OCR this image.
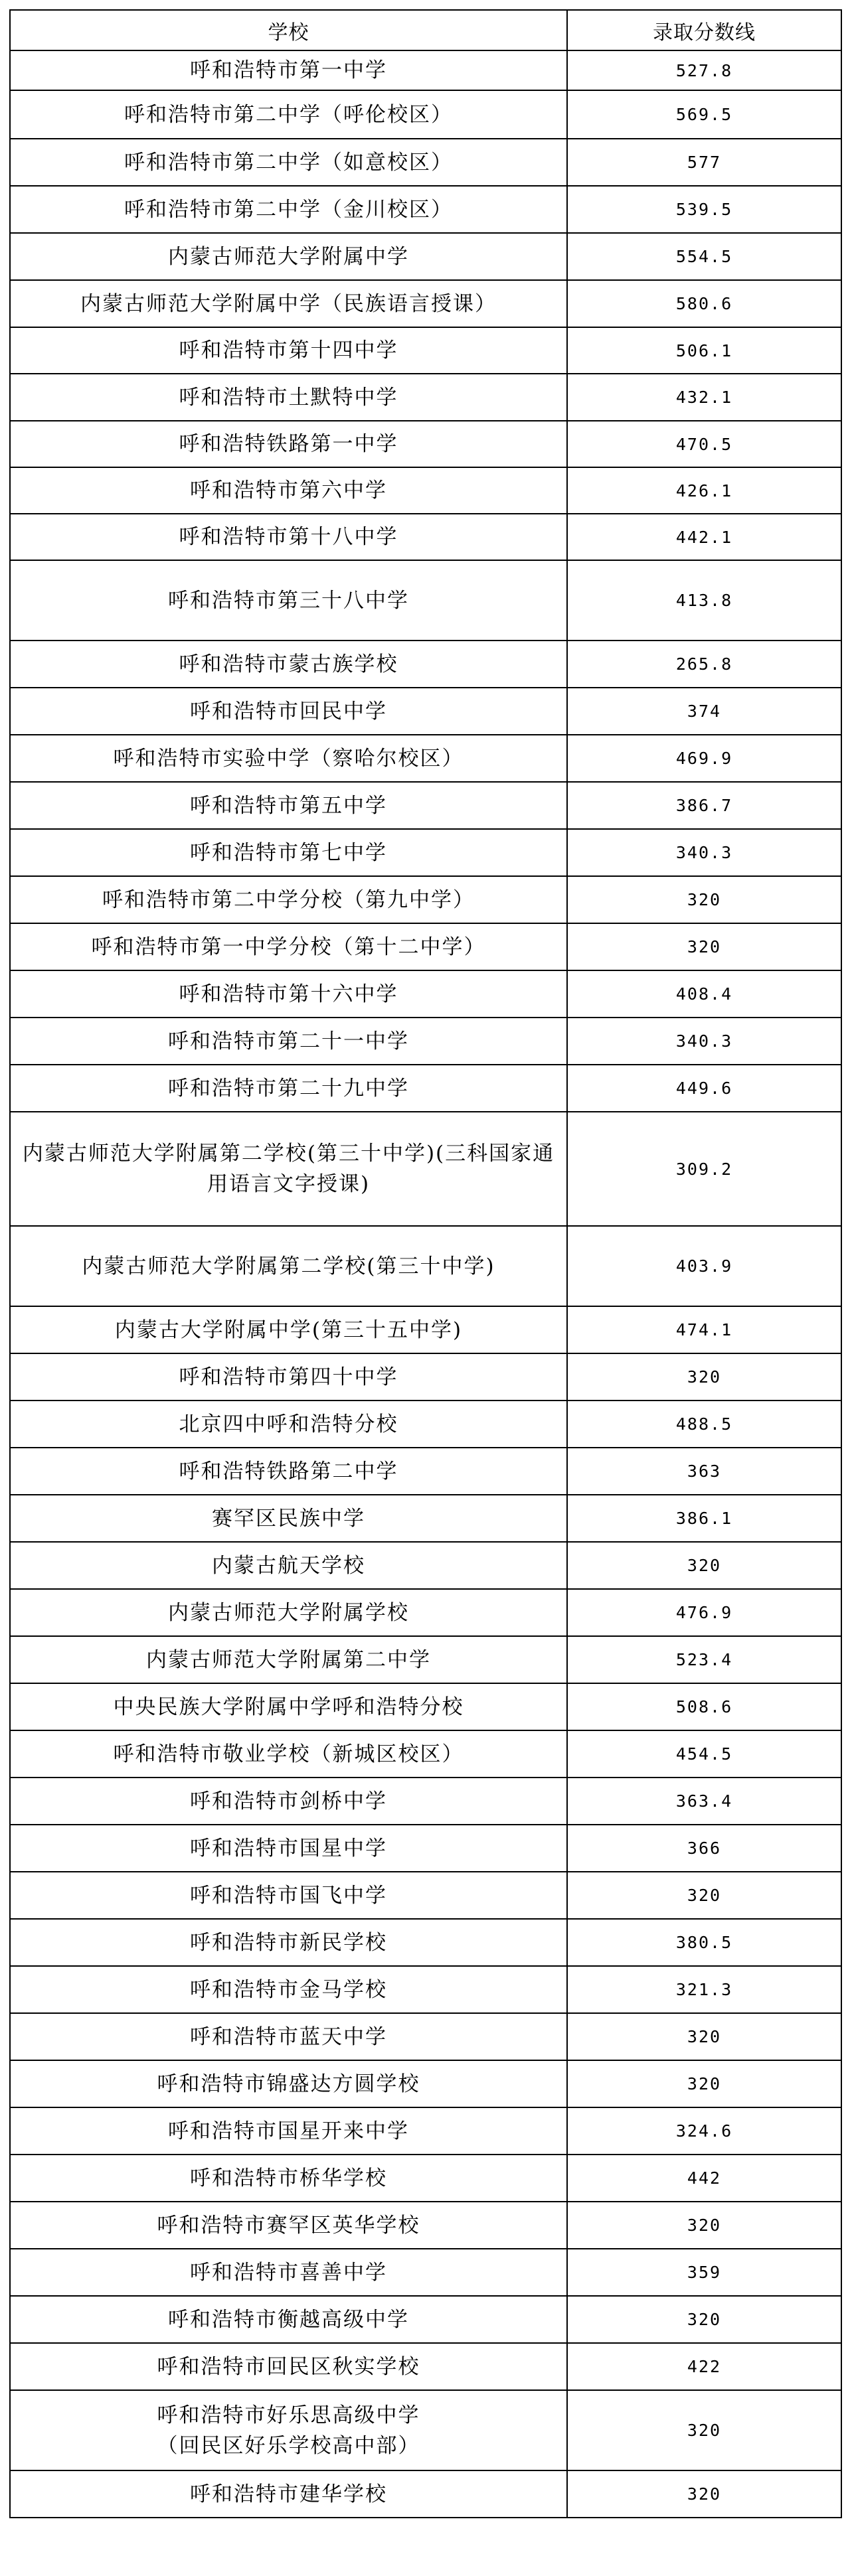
学校	录取分数线
呼和浩特市第一中学	527.8
呼和浩特市第二中学（呼伦校区）	569.5
呼和浩特市第二中学（如意校区）	577
呼和浩特市第二中学（金川校区）	539.5
内蒙古师范大学附属中学	554.5
内蒙古师范大学附属中学（民族语言授课）	580.6
呼和浩特市第十四中学	506.1
呼和浩特市土默特中学	432.1
呼和浩特铁路第一中学	470.5
呼和浩特市第六中学	426.1
呼和浩特市第十八中学	442.1
呼和浩特市第三十八中学	413.8
呼和浩特市蒙古族学校	265.8
呼和浩特市回民中学	374
呼和浩特市实验中学（察哈尔校区）	469.9
呼和浩特市第五中学	386.7
呼和浩特市第七中学	340.3
呼和浩特市第二中学分校（第九中学）	320
呼和浩特市第一中学分校（第十二中学）	320
呼和浩特市第十六中学	408.4
呼和浩特市第二十一中学	340.3
呼和浩特市第二十九中学	449.6
内蒙古师范大学附属第二学校(第三十中学)(三科国家通用语言文字授课)	309.2
内蒙古师范大学附属第二学校(第三十中学)	403.9
内蒙古大学附属中学(第三十五中学)	474.1
呼和浩特市第四十中学	320
北京四中呼和浩特分校	488.5
呼和浩特铁路第二中学	363
赛罕区民族中学	386.1
内蒙古航天学校	320
内蒙古师范大学附属学校	476.9
内蒙古师范大学附属第二中学	523.4
中央民族大学附属中学呼和浩特分校	508.6
呼和浩特市敬业学校（新城区校区）	454.5
呼和浩特市剑桥中学	363.4
呼和浩特市国星中学	366
呼和浩特市国飞中学	320
呼和浩特市新民学校	380.5
呼和浩特市金马学校	321.3
呼和浩特市蓝天中学	320
呼和浩特市锦盛达方圆学校	320
呼和浩特市国星开来中学	324.6
呼和浩特市桥华学校	442
呼和浩特市赛罕区英华学校	320
呼和浩特市喜善中学	359
呼和浩特市衡越高级中学	320
呼和浩特市回民区秋实学校	422
呼和浩特市好乐思高级中学
（回民区好乐学校高中部）	320
呼和浩特市建华学校	320
